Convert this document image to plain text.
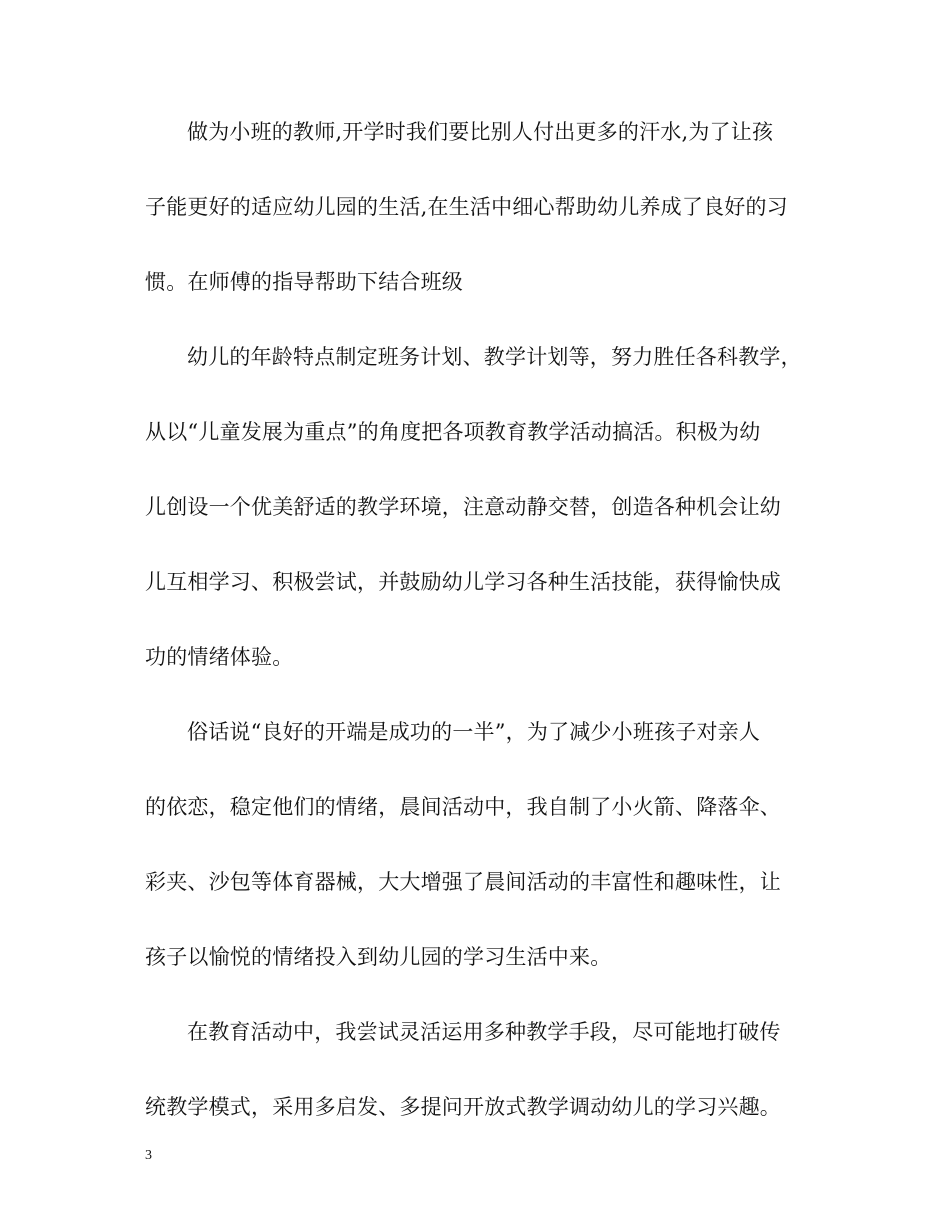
做为小班的教师,开学时我们要比别人付出更多的汗水,为了让孩
子能更好的适应幼儿园的生活,在生活中细心帮助幼儿养成了良好的习
惯。在师傅的指导帮助下结合班级
幼儿的年龄特点制定班务计划、教学计划等，努力胜任各科教学，
从以“儿童发展为重点”的角度把各项教育教学活动搞活。积极为幼
儿创设一个优美舒适的教学环境，注意动静交替，创造各种机会让幼
儿互相学习、积极尝试，并鼓励幼儿学习各种生活技能，获得愉快成
功的情绪体验。
俗话说“良好的开端是成功的一半”，为了减少小班孩子对亲人
的依恋，稳定他们的情绪，晨间活动中，我自制了小火箭、降落伞、
彩夹、沙包等体育器械，大大增强了晨间活动的丰富性和趣味性，让
孩子以愉悦的情绪投入到幼儿园的学习生活中来。
在教育活动中，我尝试灵活运用多种教学手段，尽可能地打破传
统教学模式，采用多启发、多提问开放式教学调动幼儿的学习兴趣。
3
